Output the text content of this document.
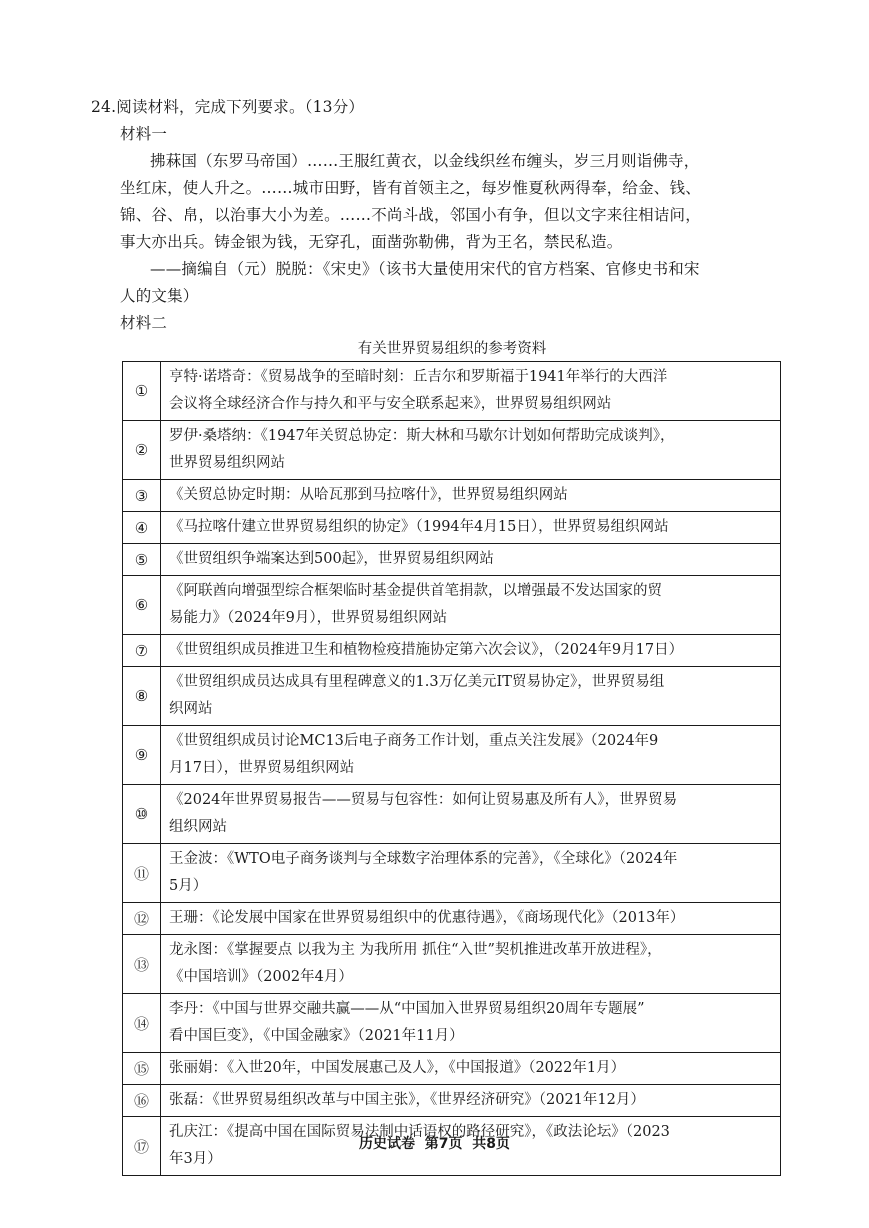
24.阅读材料，完成下列要求。（13分）
材料一
拂菻国（东罗马帝国）……王服红黄衣，以金线织丝布缠头，岁三月则诣佛寺，
坐红床，使人升之。……城市田野，皆有首领主之，每岁惟夏秋两得奉，给金、钱、
锦、谷、帛，以治事大小为差。……不尚斗战，邻国小有争，但以文字来往相诘问，
事大亦出兵。铸金银为钱，无穿孔，面凿弥勒佛，背为王名，禁民私造。
——摘编自（元）脱脱：《宋史》（该书大量使用宋代的官方档案、官修史书和宋
人的文集）
材料二
有关世界贸易组织的参考资料
①	亨特·诺塔奇：《贸易战争的至暗时刻：丘吉尔和罗斯福于1941年举行的大西洋
会议将全球经济合作与持久和平与安全联系起来》，世界贸易组织网站

②	罗伊·桑塔纳：《1947年关贸总协定：斯大林和马歇尔计划如何帮助完成谈判》，
世界贸易组织网站

③	《关贸总协定时期：从哈瓦那到马拉喀什》，世界贸易组织网站

④	《马拉喀什建立世界贸易组织的协定》（1994年4月15日），世界贸易组织网站

⑤	《世贸组织争端案达到500起》，世界贸易组织网站

⑥	《阿联酋向增强型综合框架临时基金提供首笔捐款，以增强最不发达国家的贸
易能力》（2024年9月），世界贸易组织网站

⑦	《世贸组织成员推进卫生和植物检疫措施协定第六次会议》，（2024年9月17日）

⑧	《世贸组织成员达成具有里程碑意义的1.3万亿美元IT贸易协定》，世界贸易组
织网站

⑨	《世贸组织成员讨论MC13后电子商务工作计划，重点关注发展》（2024年9
月17日），世界贸易组织网站

⑩	《2024年世界贸易报告——贸易与包容性：如何让贸易惠及所有人》，世界贸易
组织网站

⑪	王金波：《WTO电子商务谈判与全球数字治理体系的完善》，《全球化》（2024年
5月）

⑫	王珊：《论发展中国家在世界贸易组织中的优惠待遇》，《商场现代化》（2013年）

⑬	龙永图：《掌握要点 以我为主 为我所用 抓住“入世”契机推进改革开放进程》，
《中国培训》（2002年4月）

⑭	李丹：《中国与世界交融共赢——从“中国加入世界贸易组织20周年专题展”
看中国巨变》，《中国金融家》（2021年11月）

⑮	张丽娟：《入世20年，中国发展惠己及人》，《中国报道》（2022年1月）

⑯	张磊：《世界贸易组织改革与中国主张》，《世界经济研究》（2021年12月）

⑰	孔庆江：《提高中国在国际贸易法制中话语权的路径研究》，《政法论坛》（2023
年3月）
历史试卷  第7页  共8页
